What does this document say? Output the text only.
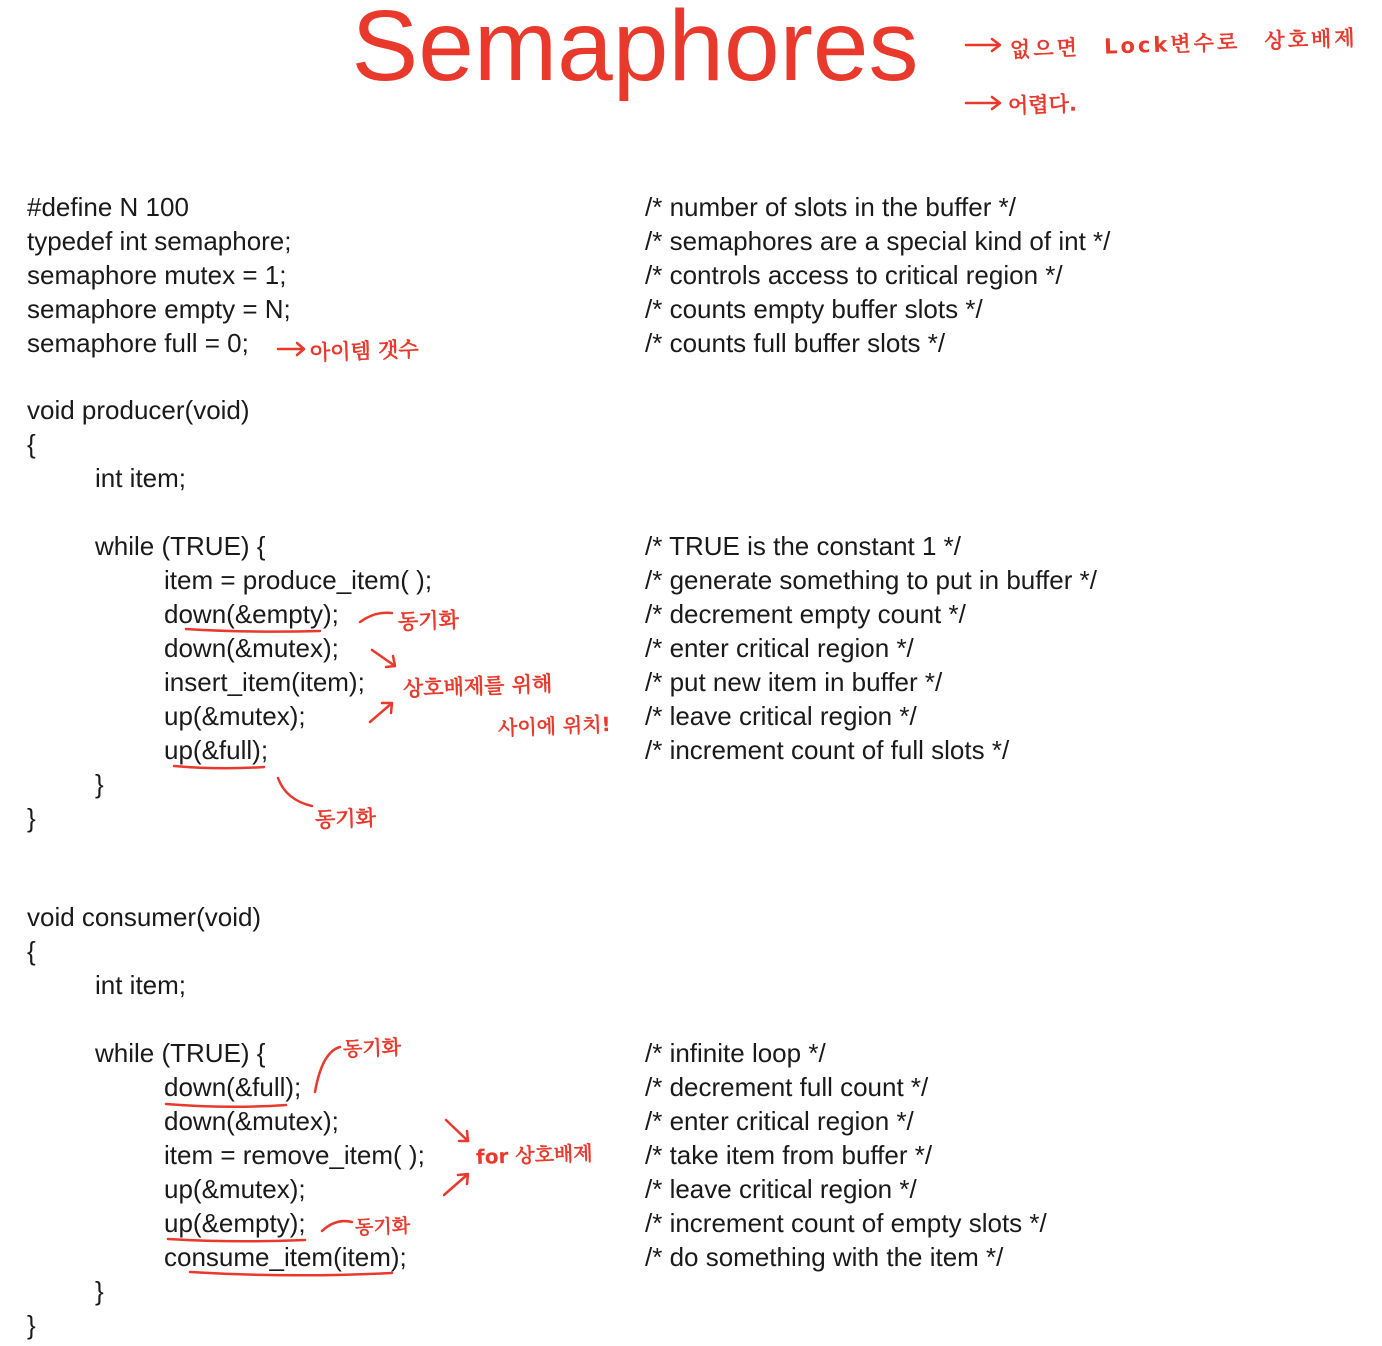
Semaphores
#define N 100
typedef int semaphore;
semaphore mutex = 1;
semaphore empty = N;
semaphore full = 0;
/* number of slots in the buffer */
/* semaphores are a special kind of int */
/* controls access to critical region */
/* counts empty buffer slots */
/* counts full buffer slots */
void producer(void)
{
int item;
while (TRUE) {
item = produce_item( );
down(&empty);
down(&mutex);
insert_item(item);
up(&mutex);
up(&full);
}
}
/* TRUE is the constant 1 */
/* generate something to put in buffer */
/* decrement empty count */
/* enter critical region */
/* put new item in buffer */
/* leave critical region */
/* increment count of full slots */
void consumer(void)
{
int item;
while (TRUE) {
down(&full);
down(&mutex);
item = remove_item( );
up(&mutex);
up(&empty);
consume_item(item);
}
}
/* infinite loop */
/* decrement full count */
/* enter critical region */
/* take item from buffer */
/* leave critical region */
/* increment count of empty slots */
/* do something with the item */
없으면 Lock변수로 상호배제
어렵다.
아이템 갯수
동기화
상호배제를 위해
사이에 위치!
동기화
동기화
for 상호배제
동기화
